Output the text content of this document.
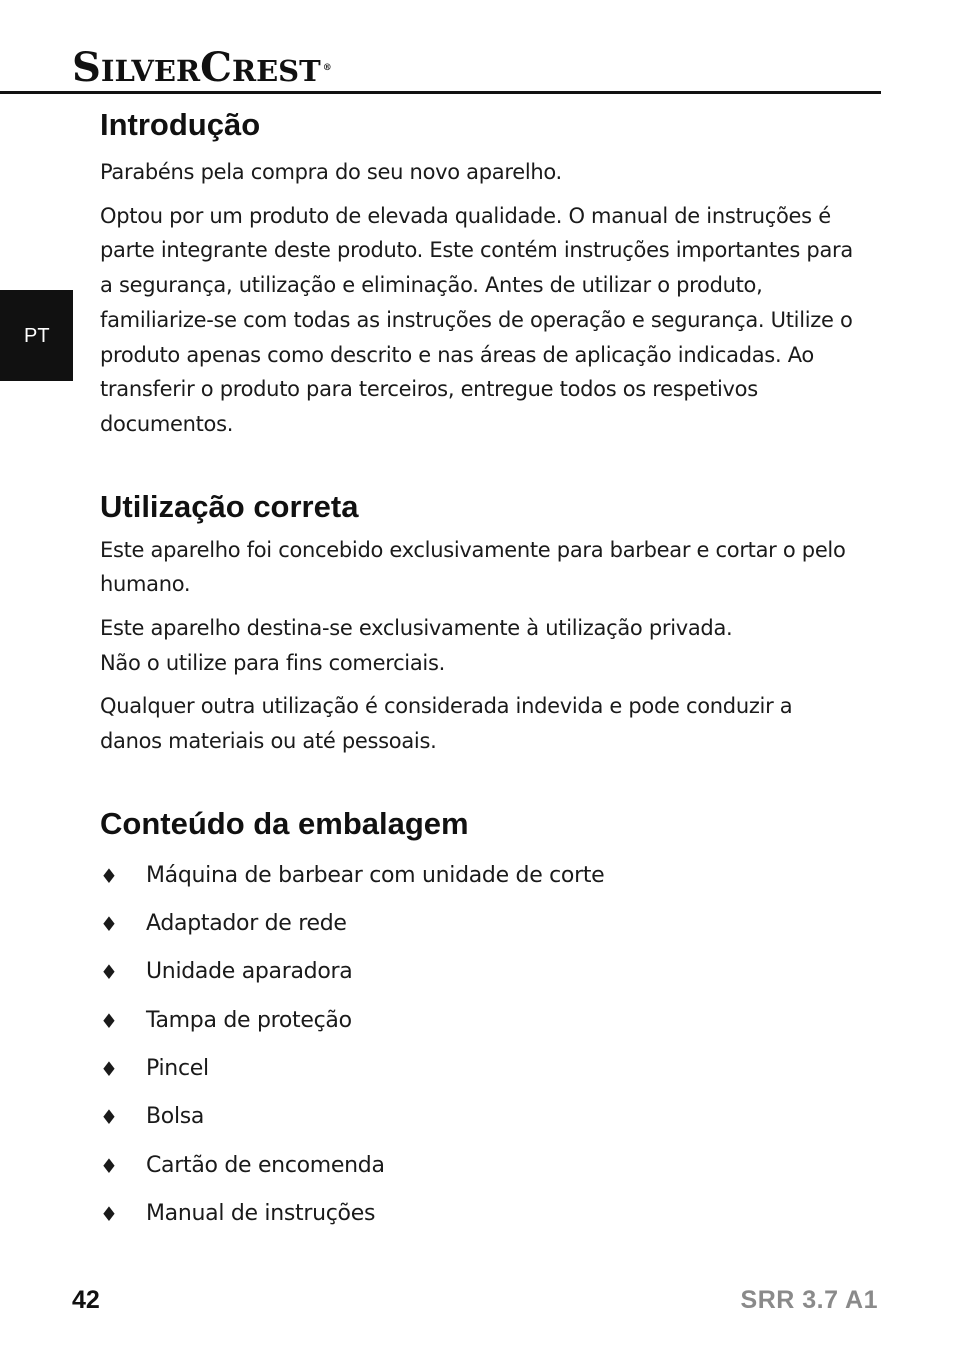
SILVERCREST ®
PT
Introdução

Parabéns pela compra do seu novo aparelho.

Optou por um produto de elevada qualidade. O manual de instruções é parte integrante deste produto. Este contém instruções importantes para a segurança, utilização e eliminação. Antes de utilizar o produto, familiarize-se com todas as instruções de operação e segurança. Utilize o produto apenas como descrito e nas áreas de aplicação indicadas. Ao transferir o produto para terceiros, entregue todos os respetivos documentos.

Utilização correta

Este aparelho foi concebido exclusivamente para barbear e cortar o pelo humano.

Este aparelho destina-se exclusivamente à utilização privada.

Não o utilize para fins comerciais.

Qualquer outra utilização é considerada indevida e pode conduzir a danos materiais ou até pessoais.

Conteúdo da embalagem
♦ Máquina de barbear com unidade de corte
♦ Adaptador de rede
♦ Unidade aparadora
♦ Tampa de proteção
♦ Pincel
♦ Bolsa
♦ Cartão de encomenda
♦ Manual de instruções
42	SRR 3.7 A1
